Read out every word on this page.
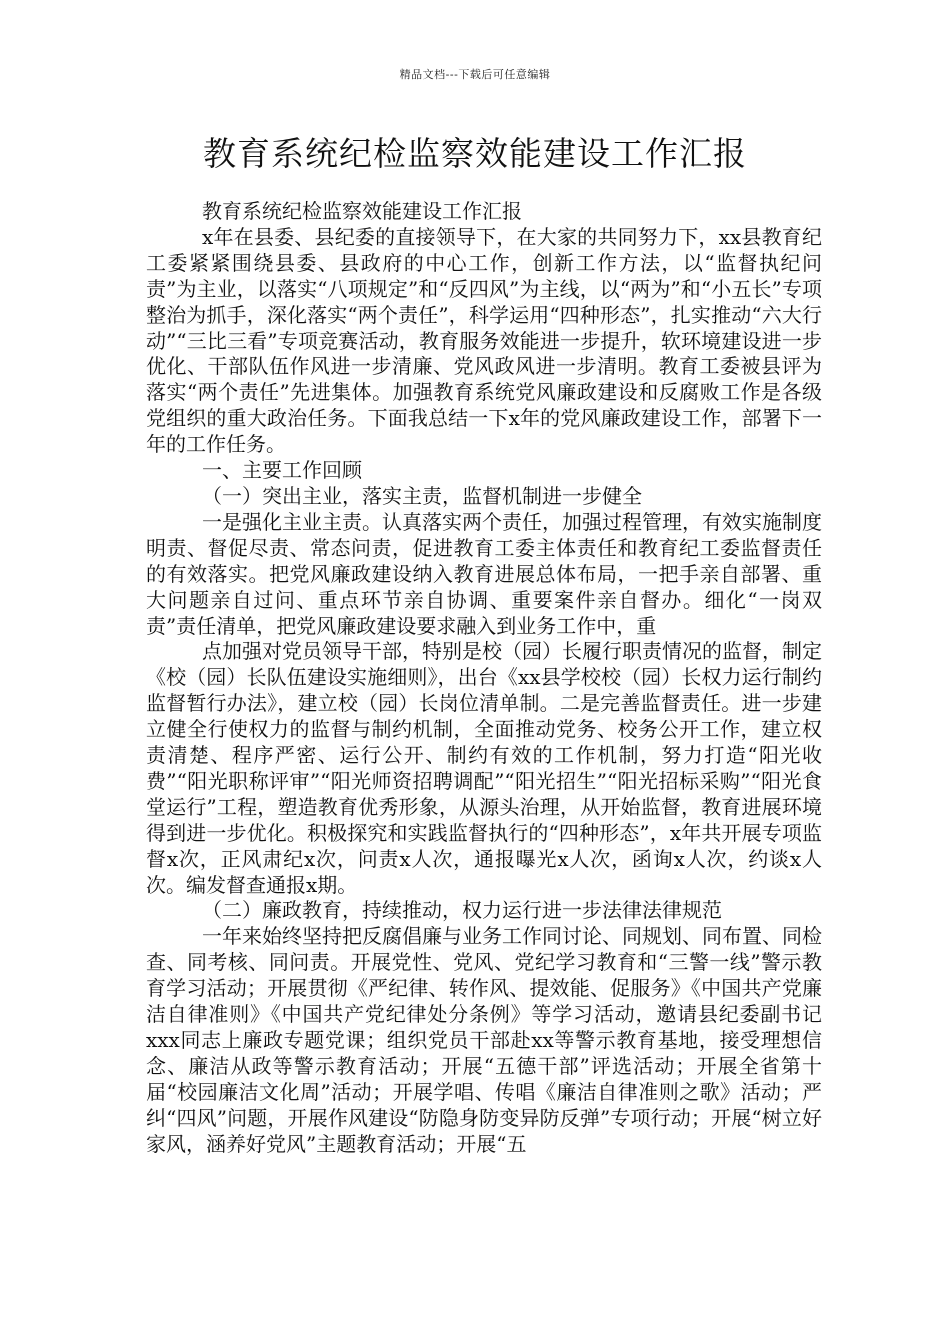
精品文档---下载后可任意编辑
教育系统纪检监察效能建设工作汇报

教育系统纪检监察效能建设工作汇报

x年在县委、县纪委的直接领导下，在大家的共同努力下，xx县教育纪工委紧紧围绕县委、县政府的中心工作，创新工作方法，以“监督执纪问责”为主业，以落实“八项规定”和“反四风”为主线，以“两为”和“小五长”专项整治为抓手，深化落实“两个责任”，科学运用“四种形态”，扎实推动“六大行动”“三比三看”专项竞赛活动，教育服务效能进一步提升，软环境建设进一步优化、干部队伍作风进一步清廉、党风政风进一步清明。教育工委被县评为落实“两个责任”先进集体。加强教育系统党风廉政建设和反腐败工作是各级党组织的重大政治任务。下面我总结一下x年的党风廉政建设工作，部署下一年的工作任务。

一、主要工作回顾

（一）突出主业，落实主责，监督机制进一步健全

一是强化主业主责。认真落实两个责任，加强过程管理，有效实施制度明责、督促尽责、常态问责，促进教育工委主体责任和教育纪工委监督责任的有效落实。把党风廉政建设纳入教育进展总体布局，一把手亲自部署、重大问题亲自过问、重点环节亲自协调、重要案件亲自督办。细化“一岗双责”责任清单，把党风廉政建设要求融入到业务工作中，重

点加强对党员领导干部，特别是校（园）长履行职责情况的监督，制定《校（园）长队伍建设实施细则》，出台《xx县学校校（园）长权力运行制约监督暂行办法》，建立校（园）长岗位清单制。二是完善监督责任。进一步建立健全行使权力的监督与制约机制，全面推动党务、校务公开工作，建立权责清楚、程序严密、运行公开、制约有效的工作机制，努力打造“阳光收费”“阳光职称评审”“阳光师资招聘调配”“阳光招生”“阳光招标采购”“阳光食堂运行”工程，塑造教育优秀形象，从源头治理，从开始监督，教育进展环境得到进一步优化。积极探究和实践监督执行的“四种形态”，x年共开展专项监督x次，正风肃纪x次，问责x人次，通报曝光x人次，函询x人次，约谈x人次。编发督查通报x期。

（二）廉政教育，持续推动，权力运行进一步法律法律规范

一年来始终坚持把反腐倡廉与业务工作同讨论、同规划、同布置、同检查、同考核、同问责。开展党性、党风、党纪学习教育和“三警一线”警示教育学习活动；开展贯彻《严纪律、转作风、提效能、促服务》《中国共产党廉洁自律准则》《中国共产党纪律处分条例》等学习活动，邀请县纪委副书记xxx同志上廉政专题党课；组织党员干部赴xx等警示教育基地，接受理想信念、廉洁从政等警示教育活动；开展“五德干部”评选活动；开展全省第十届“校园廉洁文化周”活动；开展学唱、传唱《廉洁自律准则之歌》活动；严纠“四风”问题，开展作风建设“防隐身防变异防反弹”专项行动；开展“树立好家风，涵养好党风”主题教育活动；开展“五
